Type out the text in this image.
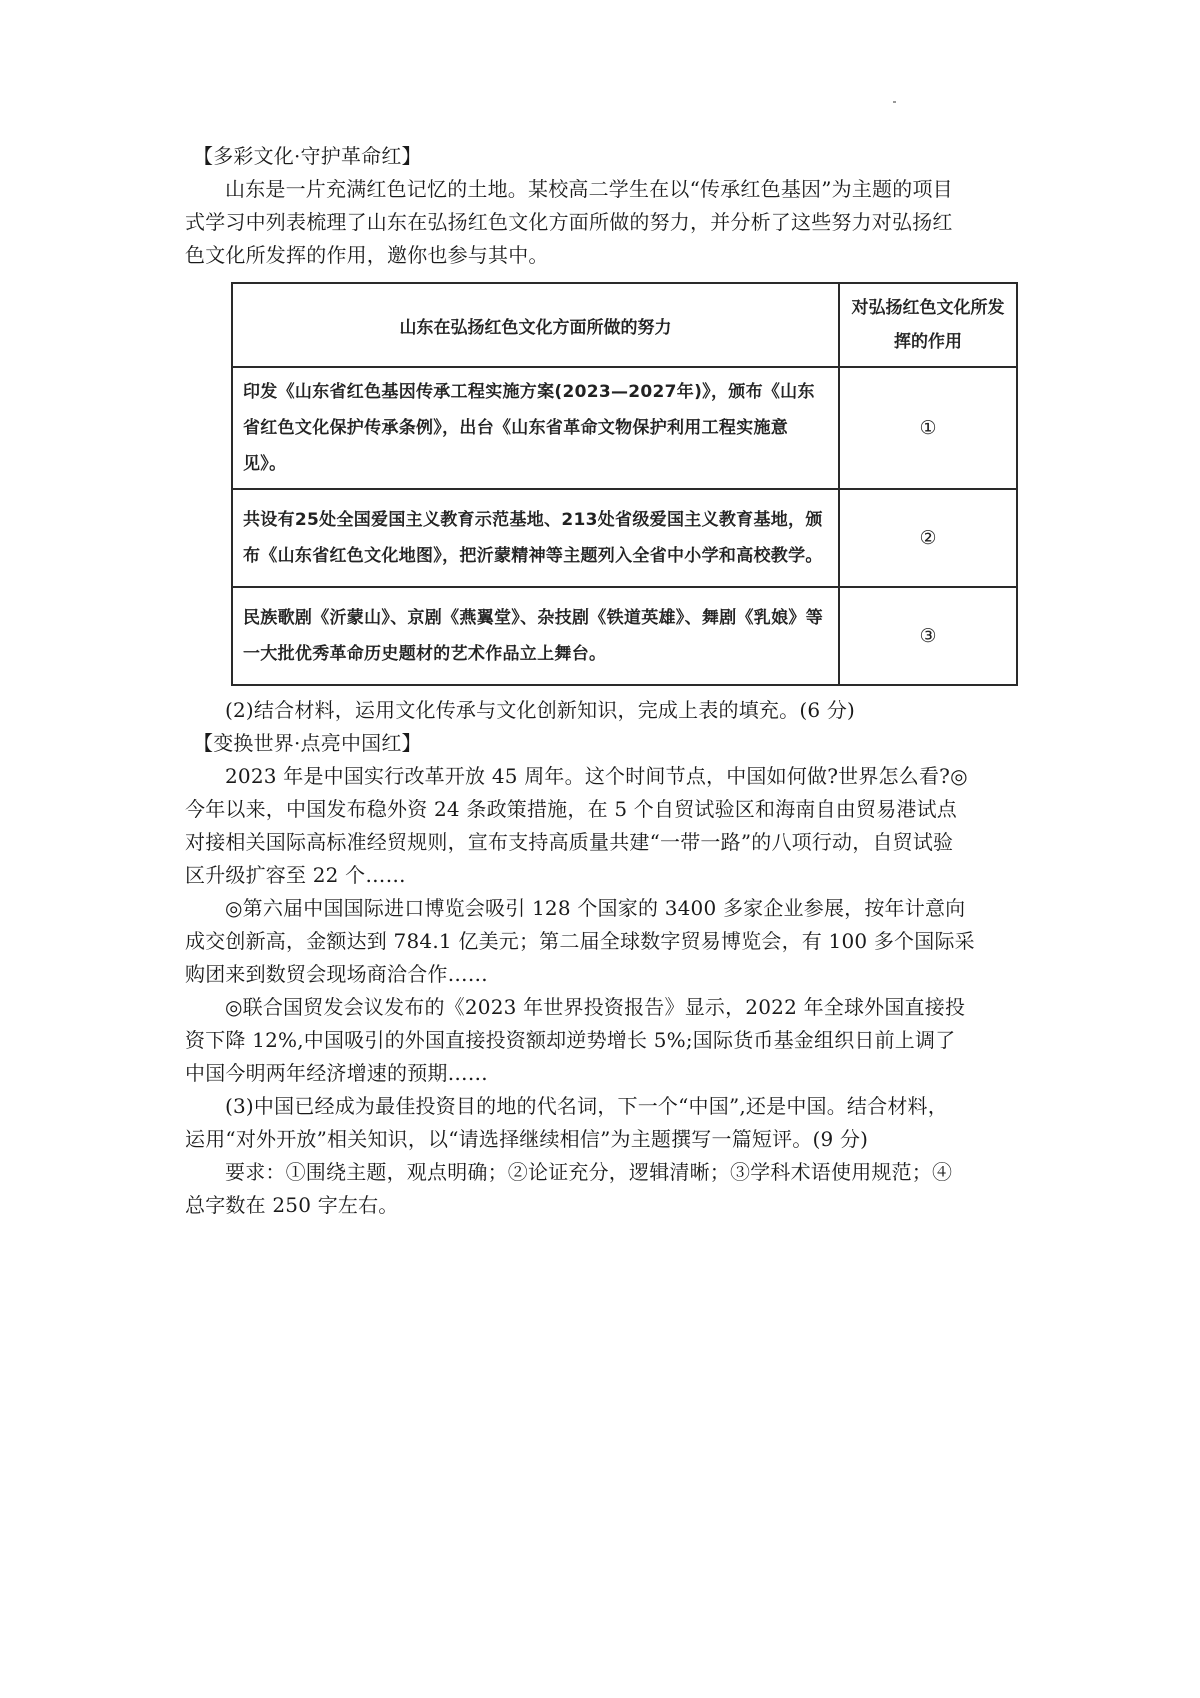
【多彩文化·守护革命红】

山东是一片充满红色记忆的土地。某校高二学生在以“传承红色基因”为主题的项目

式学习中列表梳理了山东在弘扬红色文化方面所做的努力，并分析了这些努力对弘扬红

色文化所发挥的作用，邀你也参与其中。

山东在弘扬红色文化方面所做的努力	对弘扬红色文化所发挥的作用
印发《山东省红色基因传承工程实施方案(2023—2027年)》，颁布《山东省红色文化保护传承条例》，出台《山东省革命文物保护利用工程实施意见》。	①
共设有25处全国爱国主义教育示范基地、213处省级爱国主义教育基地，颁布《山东省红色文化地图》，把沂蒙精神等主题列入全省中小学和高校教学。	②
民族歌剧《沂蒙山》、京剧《燕翼堂》、杂技剧《铁道英雄》、舞剧《乳娘》等一大批优秀革命历史题材的艺术作品立上舞台。	③

(2)结合材料，运用文化传承与文化创新知识，完成上表的填充。(6 分)

【变换世界·点亮中国红】

2023 年是中国实行改革开放 45 周年。这个时间节点，中国如何做?世界怎么看?◎

今年以来，中国发布稳外资 24 条政策措施，在 5 个自贸试验区和海南自由贸易港试点

对接相关国际高标准经贸规则，宣布支持高质量共建“一带一路”的八项行动，自贸试验

区升级扩容至 22 个……

◎第六届中国国际进口博览会吸引 128 个国家的 3400 多家企业参展，按年计意向

成交创新高，金额达到 784.1 亿美元；第二届全球数字贸易博览会，有 100 多个国际采

购团来到数贸会现场商洽合作……

◎联合国贸发会议发布的《2023 年世界投资报告》显示，2022 年全球外国直接投

资下降 12%,中国吸引的外国直接投资额却逆势增长 5%;国际货币基金组织日前上调了

中国今明两年经济增速的预期……

(3)中国已经成为最佳投资目的地的代名词，下一个“中国”,还是中国。结合材料，

运用“对外开放”相关知识，以“请选择继续相信”为主题撰写一篇短评。(9 分)

要求：①围绕主题，观点明确；②论证充分，逻辑清晰；③学科术语使用规范；④

总字数在 250 字左右。
